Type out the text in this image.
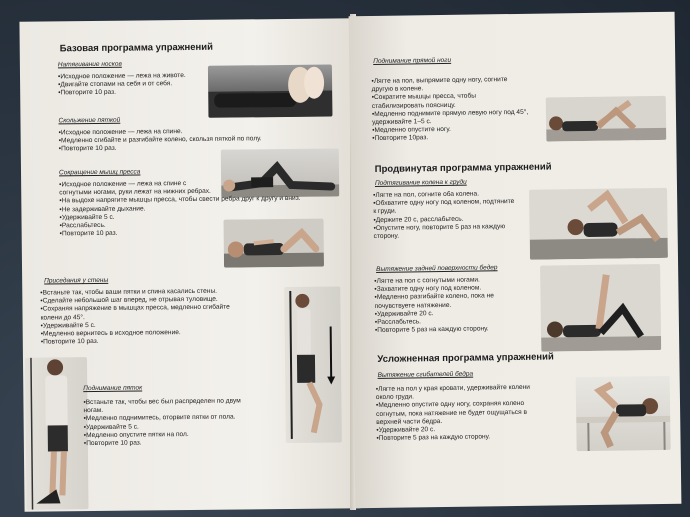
Базовая программа упражнений
Натягивание носков
•Исходное положение — лежа на животе.
•Двигайте стопами на себя и от себя.
•Повторите 10 раз.
Скольжение пяткой
•Исходное положение — лежа на спине.
•Медленно сгибайте и разгибайте колено, скользя пяткой по полу.
•Повторите 10 раз.
Сокращение мышц пресса
•Исходное положение — лежа на спине с
согнутыми ногами, руки лежат на нижних ребрах.
•На выдохе напрягите мышцы пресса, чтобы свести ребра друг к другу и вниз.
•Не задерживайте дыхание.
•Удерживайте 5 с.
•Расслабьтесь.
•Повторите 10 раз.
Приседания у стены
•Встаньте так, чтобы ваши пятки и спина касались стены.
•Сделайте небольшой шаг вперед, не отрывая туловище.
•Сохраняя напряжение в мышцах пресса, медленно сгибайте
колени до 45°.
•Удерживайте 5 с.
•Медленно вернитесь в исходное положение.
•Повторите 10 раз.
Поднимание пяток
•Встаньте так, чтобы вес был распределен по двум
ногам.
•Медленно поднимитесь, оторвите пятки от пола.
•Удерживайте 5 с.
•Медленно опустите пятки на пол.
•Повторите 10 раз.
Поднимание прямой ноги
•Лягте на пол, выпрямите одну ногу, согните
другую в колене.
•Сократите мышцы пресса, чтобы
стабилизировать поясницу.
•Медленно поднимите прямую левую ногу под 45°,
удерживайте 1–5 с.
•Медленно опустите ногу.
•Повторите 10раз.
Продвинутая программа упражнений
Подтягивание колена к груди
•Лягте на пол, согните оба колена.
•Обхватите одну ногу под коленом, подтяните
к груди.
•Держите 20 с, расслабьтесь.
•Опустите ногу, повторите 5 раз на каждую
сторону.
Вытяжение задней поверхности бедер
•Лягте на пол с согнутыми ногами.
•Захватите одну ногу под коленом.
•Медленно разгибайте колено, пока не
почувствуете натяжение.
•Удерживайте 20 с.
•Расслабьтесь.
•Повторите 5 раз на каждую сторону.
Усложненная программа упражнений
Вытяжение сгибателей бедра
•Лягте на пол у края кровати, удерживайте колени
около груди.
•Медленно опустите одну ногу, сохраняя колено
согнутым, пока натяжение не будет ощущаться в
верхней части бедра.
•Удерживайте 20 с.
•Повторите 5 раз на каждую сторону.
